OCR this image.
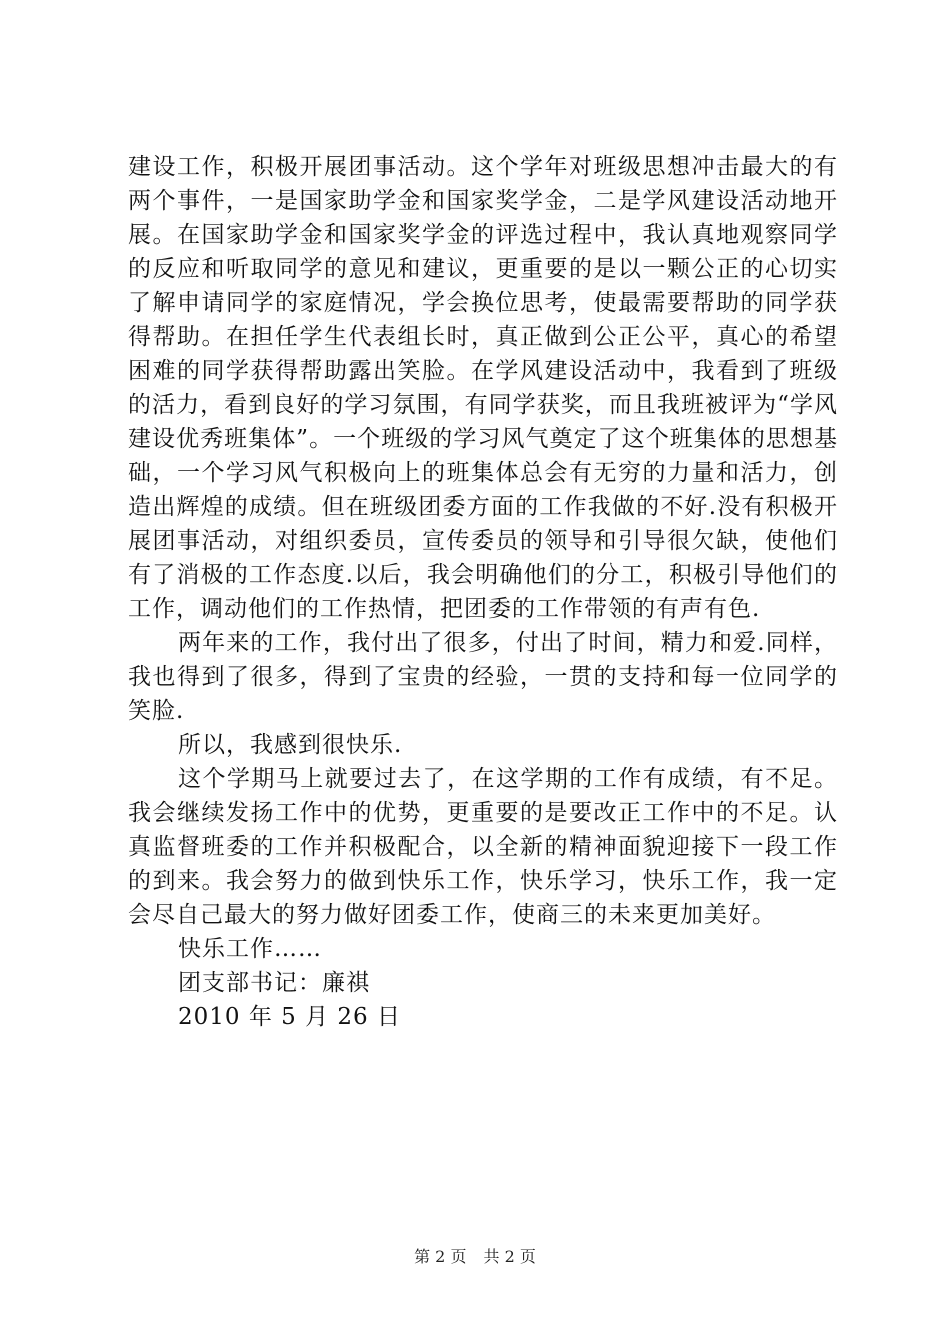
建设工作，积极开展团事活动。这个学年对班级思想冲击最大的有两个事件，一是国家助学金和国家奖学金，二是学风建设活动地开展。在国家助学金和国家奖学金的评选过程中，我认真地观察同学的反应和听取同学的意见和建议，更重要的是以一颗公正的心切实了解申请同学的家庭情况，学会换位思考，使最需要帮助的同学获得帮助。在担任学生代表组长时，真正做到公正公平，真心的希望困难的同学获得帮助露出笑脸。在学风建设活动中，我看到了班级的活力，看到良好的学习氛围，有同学获奖，而且我班被评为“学风建设优秀班集体”。一个班级的学习风气奠定了这个班集体的思想基础，一个学习风气积极向上的班集体总会有无穷的力量和活力，创造出辉煌的成绩。但在班级团委方面的工作我做的不好.没有积极开展团事活动，对组织委员，宣传委员的领导和引导很欠缺，使他们有了消极的工作态度.以后，我会明确他们的分工，积极引导他们的工作，调动他们的工作热情，把团委的工作带领的有声有色.

两年来的工作，我付出了很多，付出了时间，精力和爱.同样，我也得到了很多，得到了宝贵的经验，一贯的支持和每一位同学的笑脸.

所以，我感到很快乐.

这个学期马上就要过去了，在这学期的工作有成绩，有不足。我会继续发扬工作中的优势，更重要的是要改正工作中的不足。认真监督班委的工作并积极配合，以全新的精神面貌迎接下一段工作的到来。我会努力的做到快乐工作，快乐学习，快乐工作，我一定会尽自己最大的努力做好团委工作，使商三的未来更加美好。

快乐工作……

团支部书记：廉祺

2010 年 5 月 26 日

第 2 页 共 2 页
